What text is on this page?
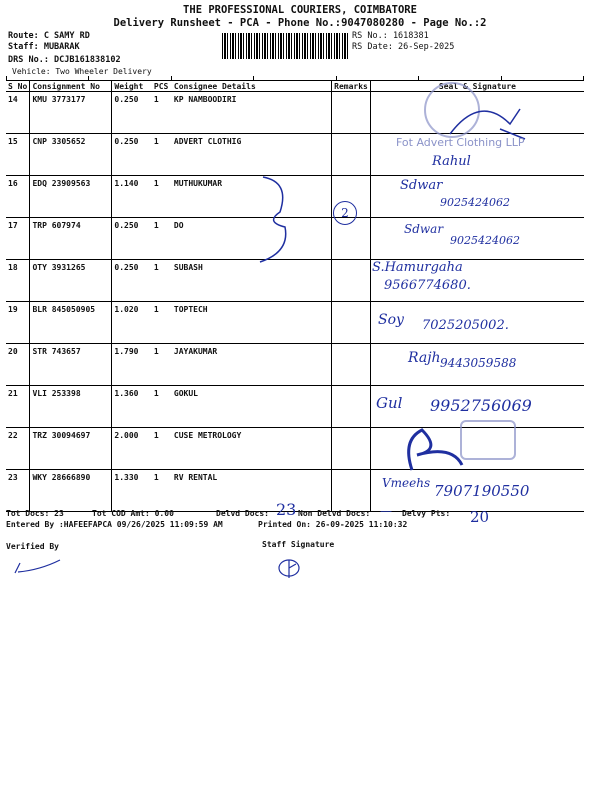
THE PROFESSIONAL COURIERS, COIMBATORE
Delivery Runsheet - PCA - Phone No.:9047080280 - Page No.:2
Route: C SAMY RD
Staff: MUBARAK
DRS No.: DCJB161838102
Vehicle: Two Wheeler Delivery
RS No.: 1618381
RS Date: 26-Sep-2025
S No	Consignment No	Weight	PCS	Consignee Details	Remarks	Seal & Signature
14	KMU 3773177	0.250	1	KP NAMBOODIRI		
15	CNP 3305652	0.250	1	ADVERT CLOTHIG		
16	EDQ 23909563	1.140	1	MUTHUKUMAR		
17	TRP 607974	0.250	1	DO		
18	OTY 3931265	0.250	1	SUBASH		
19	BLR 845050905	1.020	1	TOPTECH		
20	STR 743657	1.790	1	JAYAKUMAR		
21	VLI 253398	1.360	1	GOKUL		
22	TRZ 30094697	2.000	1	CUSE METROLOGY		
23	WKY 28666890	1.330	1	RV RENTAL		
Fot Advert Clothing LLP
Rahul
2
Sdwar
9025424062
Sdwar
9025424062
S.Hamurgaha
9566774680.
Soy 7025205002.
Rajh 9443059588
Gul 9952756069
Vmeehs 7907190550
Tot Docs: 23	Tot COD Amt: 0.00	Delvd Docs: 23 Non Delvd Docs: — Delvy Pts: 20
Entered By :HAFEEFAPCA 09/26/2025 11:09:59 AM	Printed On: 26-09-2025 11:10:32
Verified By	Staff Signature
